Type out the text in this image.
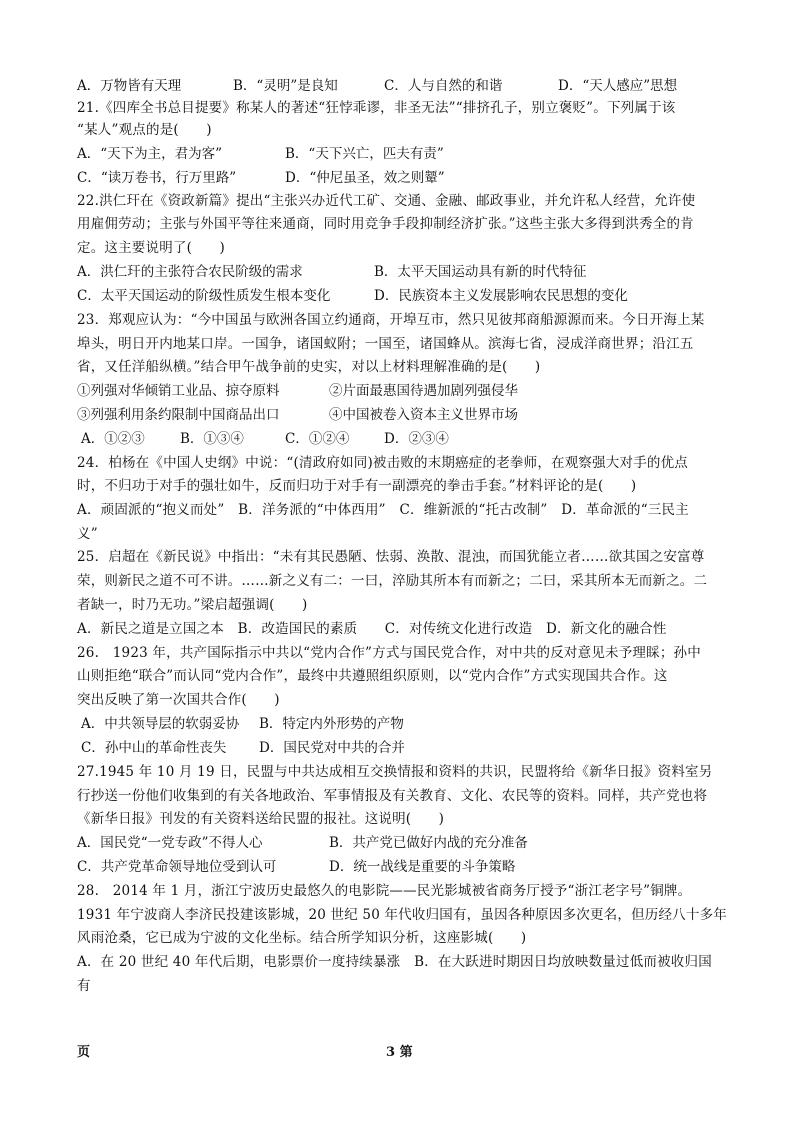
A．万物皆有天理	B．“灵明”是良知	C．人与自然的和谐	D．“天人感应”思想
21.《四库全书总目提要》称某人的著述“狂悖乖谬，非圣无法”“排挤孔子，别立褒贬”。下列属于该
“某人”观点的是(　　)
A．“天下为主，君为客”	B．“天下兴亡，匹夫有责”
C．“读万卷书，行万里路”	D．“仲尼虽圣，效之则颦”
22.洪仁玕在《资政新篇》提出“主张兴办近代工矿、交通、金融、邮政事业，并允许私人经营，允许使
用雇佣劳动；主张与外国平等往来通商，同时用竞争手段抑制经济扩张。”这些主张大多得到洪秀全的肯
定。这主要说明了(　　)
A．洪仁玕的主张符合农民阶级的需求	B．太平天国运动具有新的时代特征
C．太平天国运动的阶级性质发生根本变化	D．民族资本主义发展影响农民思想的变化
23．郑观应认为：“今中国虽与欧洲各国立约通商，开埠互市，然只见彼邦商船源源而来。今日开海上某
埠头，明日开内地某口岸。一国争，诸国蚁附；一国至，诸国蜂从。滨海七省，浸成洋商世界；沿江五
省，又任洋船纵横。”结合甲午战争前的史实，对以上材料理解准确的是(　　)
①列强对华倾销工业品、掠夺原料	②片面最惠国待遇加剧列强侵华
③列强利用条约限制中国商品出口	④中国被卷入资本主义世界市场
A．①②③	B．①③④	C．①②④	D．②③④
24．柏杨在《中国人史纲》中说：“(清政府如同)被击败的末期癌症的老拳师，在观察强大对手的优点
时，不归功于对手的强壮如牛，反而归功于对手有一副漂亮的拳击手套。”材料评论的是(　　)
A．顽固派的“抱义而处”　B．洋务派的“中体西用”　C．维新派的“托古改制”　D．革命派的“三民主
义”
25．启超在《新民说》中指出：“未有其民愚陋、怯弱、涣散、混浊，而国犹能立者……欲其国之安富尊
荣，则新民之道不可不讲。……新之义有二：一曰，淬励其所本有而新之；二曰，采其所本无而新之。二
者缺一，时乃无功。”梁启超强调(　　)
A．新民之道是立国之本　B．改造国民的素质　　C．对传统文化进行改造　D．新文化的融合性
26.　1923 年，共产国际指示中共以“党内合作”方式与国民党合作，对中共的反对意见未予理睬；孙中
山则拒绝“联合”而认同“党内合作”，最终中共遵照组织原则，以“党内合作”方式实现国共合作。这
突出反映了第一次国共合作(　　)
A．中共领导层的软弱妥协 B．特定内外形势的产物
C．孙中山的革命性丧失 D．国民党对中共的合并
27.1945 年 10 月 19 日，民盟与中共达成相互交换情报和资料的共识，民盟将给《新华日报》资料室另
行抄送一份他们收集到的有关各地政治、军事情报及有关教育、文化、农民等的资料。同样，共产党也将
《新华日报》刊发的有关资料送给民盟的报社。这说明(　　)
A．国民党“一党专政”不得人心	B．共产党已做好内战的充分准备
C．共产党革命领导地位受到认可	D．统一战线是重要的斗争策略
28.　2014 年 1 月，浙江宁波历史最悠久的电影院——民光影城被省商务厅授予“浙江老字号”铜牌。
1931 年宁波商人李济民投建该影城，20 世纪 50 年代收归国有，虽因各种原因多次更名，但历经八十多年
风雨沧桑，它已成为宁波的文化坐标。结合所学知识分析，这座影城(　　)
A．在 20 世纪 40 年代后期，电影票价一度持续暴涨　B．在大跃进时期因日均放映数量过低而被收归国
有
页	3 第
